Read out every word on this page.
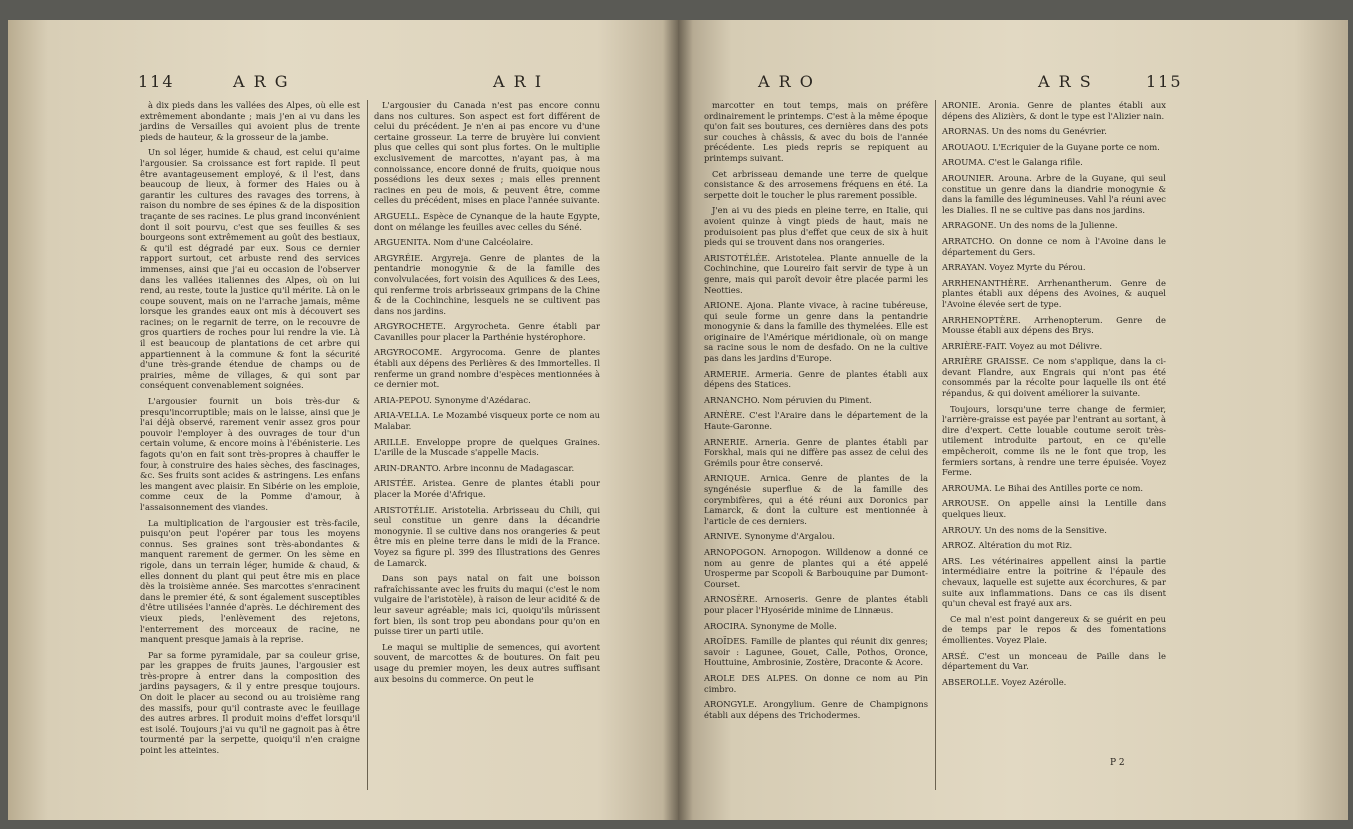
114	A R G	A R I

à dix pieds dans les vallées des Alpes, où elle est extrêmement abondante ; mais j'en ai vu dans les jardins de Versailles qui avoient plus de trente pieds de hauteur, & la grosseur de la jambe.

Un sol léger, humide & chaud, est celui qu'aime l'argousier. Sa croissance est fort rapide. Il peut être avantageusement employé, & il l'est, dans beaucoup de lieux, à former des Haies ou à garantir les cultures des ravages des torrens, à raison du nombre de ses épines & de la disposition traçante de ses racines. Le plus grand inconvénient dont il soit pourvu, c'est que ses feuilles & ses bourgeons sont extrêmement au goût des bestiaux, & qu'il est dégradé par eux. Sous ce dernier rapport surtout, cet arbuste rend des services immenses, ainsi que j'ai eu occasion de l'observer dans les vallées italiennes des Alpes, où on lui rend, au reste, toute la justice qu'il mérite. Là on le coupe souvent, mais on ne l'arrache jamais, même lorsque les grandes eaux ont mis à découvert ses racines; on le regarnit de terre, on le recouvre de gros quartiers de roches pour lui rendre la vie. Là il est beaucoup de plantations de cet arbre qui appartiennent à la commune & font la sécurité d'une très-grande étendue de champs ou de prairies, même de villages, & qui sont par conséquent convenablement soignées.

L'argousier fournit un bois très-dur & presqu'incorruptible; mais on le laisse, ainsi que je l'ai déjà observé, rarement venir assez gros pour pouvoir l'employer à des ouvrages de tour d'un certain volume, & encore moins à l'ébénisterie. Les fagots qu'on en fait sont très-propres à chauffer le four, à construire des haies sèches, des fascinages, &c. Ses fruits sont acides & astringens. Les enfans les mangent avec plaisir. En Sibérie on les emploie, comme ceux de la Pomme d'amour, à l'assaisonnement des viandes.

La multiplication de l'argousier est très-facile, puisqu'on peut l'opérer par tous les moyens connus. Ses graines sont très-abondantes & manquent rarement de germer. On les sème en rigole, dans un terrain léger, humide & chaud, & elles donnent du plant qui peut être mis en place dès la troisième année. Ses marcottes s'enracinent dans le premier été, & sont également susceptibles d'être utilisées l'année d'après. Le déchirement des vieux pieds, l'enlèvement des rejetons, l'enterrement des morceaux de racine, ne manquent presque jamais à la reprise.

Par sa forme pyramidale, par sa couleur grise, par les grappes de fruits jaunes, l'argousier est très-propre à entrer dans la composition des jardins paysagers, & il y entre presque toujours. On doit le placer au second ou au troisième rang des massifs, pour qu'il contraste avec le feuillage des autres arbres. Il produit moins d'effet lorsqu'il est isolé. Toujours j'ai vu qu'il ne gagnoit pas à être tourmenté par la serpette, quoiqu'il n'en craigne point les atteintes.

L'argousier du Canada n'est pas encore connu dans nos cultures. Son aspect est fort différent de celui du précédent. Je n'en ai pas encore vu d'une certaine grosseur. La terre de bruyère lui convient plus que celles qui sont plus fortes. On le multiplie exclusivement de marcottes, n'ayant pas, à ma connoissance, encore donné de fruits, quoique nous possédions les deux sexes ; mais elles prennent racines en peu de mois, & peuvent être, comme celles du précédent, mises en place l'année suivante.

ARGUELL. Espèce de Cynanque de la haute Egypte, dont on mélange les feuilles avec celles du Séné.

ARGUENITA. Nom d'une Calcéolaire.

ARGYRÉIE. Argyreja. Genre de plantes de la pentandrie monogynie & de la famille des convolvulacées, fort voisin des Aquilices & des Lees, qui renferme trois arbrisseaux grimpans de la Chine & de la Cochinchine, lesquels ne se cultivent pas dans nos jardins.

ARGYROCHETE. Argyrocheta. Genre établi par Cavanilles pour placer la Parthénie hystérophore.

ARGYROCOME. Argyrocoma. Genre de plantes établi aux dépens des Perlières & des Immortelles. Il renferme un grand nombre d'espèces mentionnées à ce dernier mot.

ARIA-PEPOU. Synonyme d'Azédarac.

ARIA-VELLA. Le Mozambé visqueux porte ce nom au Malabar.

ARILLE. Enveloppe propre de quelques Graines. L'arille de la Muscade s'appelle Macis.

ARIN-DRANTO. Arbre inconnu de Madagascar.

ARISTÉE. Aristea. Genre de plantes établi pour placer la Morée d'Afrique.

ARISTOTÉLIE. Aristotelia. Arbrisseau du Chili, qui seul constitue un genre dans la décandrie monogynie. Il se cultive dans nos orangeries & peut être mis en pleine terre dans le midi de la France. Voyez sa figure pl. 399 des Illustrations des Genres de Lamarck.

Dans son pays natal on fait une boisson rafraîchissante avec les fruits du maqui (c'est le nom vulgaire de l'aristotèle), à raison de leur acidité & de leur saveur agréable; mais ici, quoiqu'ils mûrissent fort bien, ils sont trop peu abondans pour qu'on en puisse tirer un parti utile.

Le maqui se multiplie de semences, qui avortent souvent, de marcottes & de boutures. On fait peu usage du premier moyen, les deux autres suffisant aux besoins du commerce. On peut le

A R O	A R S	115

marcotter en tout temps, mais on préfère ordinairement le printemps. C'est à la même époque qu'on fait ses boutures, ces dernières dans des pots sur couches à châssis, & avec du bois de l'année précédente. Les pieds repris se repiquent au printemps suivant.

Cet arbrisseau demande une terre de quelque consistance & des arrosemens fréquens en été. La serpette doit le toucher le plus rarement possible.

J'en ai vu des pieds en pleine terre, en Italie, qui avoient quinze à vingt pieds de haut, mais ne produisoient pas plus d'effet que ceux de six à huit pieds qui se trouvent dans nos orangeries.

ARISTOTÉLÉE. Aristotelea. Plante annuelle de la Cochinchine, que Loureiro fait servir de type à un genre, mais qui paroît devoir être placée parmi les Neotties.

ARIONE. Ajona. Plante vivace, à racine tubéreuse, qui seule forme un genre dans la pentandrie monogynie & dans la famille des thymelées. Elle est originaire de l'Amérique méridionale, où on mange sa racine sous le nom de desfado. On ne la cultive pas dans les jardins d'Europe.

ARMERIE. Armeria. Genre de plantes établi aux dépens des Statices.

ARNANCHO. Nom péruvien du Piment.

ARNÈRE. C'est l'Araire dans le département de la Haute-Garonne.

ARNERIE. Arneria. Genre de plantes établi par Forskhal, mais qui ne diffère pas assez de celui des Grémils pour être conservé.

ARNIQUE. Arnica. Genre de plantes de la syngénésie superflue & de la famille des corymbifères, qui a été réuni aux Doronics par Lamarck, & dont la culture est mentionnée à l'article de ces derniers.

ARNIVE. Synonyme d'Argalou.

ARNOPOGON. Arnopogon. Willdenow a donné ce nom au genre de plantes qui a été appelé Urosperme par Scopoli & Barbouquine par Dumont-Courset.

ARNOSÈRE. Arnoseris. Genre de plantes établi pour placer l'Hyoséride minime de Linnæus.

AROCIRA. Synonyme de Molle.

AROÏDES. Famille de plantes qui réunit dix genres; savoir : Lagunee, Gouet, Calle, Pothos, Oronce, Houttuine, Ambrosinie, Zostère, Draconte & Acore.

AROLE DES ALPES. On donne ce nom au Pin cimbro.

ARONGYLE. Arongylium. Genre de Champignons établi aux dépens des Trichodermes.

ARONIE. Aronia. Genre de plantes établi aux dépens des Alizièrs, & dont le type est l'Alizier nain.

ARORNAS. Un des noms du Genévrier.

AROUAOU. L'Ecriquier de la Guyane porte ce nom.

AROUMA. C'est le Galanga rifile.

AROUNIER. Arouna. Arbre de la Guyane, qui seul constitue un genre dans la diandrie monogynie & dans la famille des légumineuses. Vahl l'a réuni avec les Dialies. Il ne se cultive pas dans nos jardins.

ARRAGONE. Un des noms de la Julienne.

ARRATCHO. On donne ce nom à l'Avoine dans le département du Gers.

ARRAYAN. Voyez Myrte du Pérou.

ARRHENANTHÈRE. Arrhenantherum. Genre de plantes établi aux dépens des Avoines, & auquel l'Avoine élevée sert de type.

ARRHENOPTÈRE. Arrhenopterum. Genre de Mousse établi aux dépens des Brys.

ARRIÈRE-FAIT. Voyez au mot Délivre.

ARRIÈRE GRAISSE. Ce nom s'applique, dans la ci-devant Flandre, aux Engrais qui n'ont pas été consommés par la récolte pour laquelle ils ont été répandus, & qui doivent améliorer la suivante.

Toujours, lorsqu'une terre change de fermier, l'arrière-graisse est payée par l'entrant au sortant, à dire d'expert. Cette louable coutume seroit très-utilement introduite partout, en ce qu'elle empêcheroit, comme ils ne le font que trop, les fermiers sortans, à rendre une terre épuisée. Voyez Ferme.

ARROUMA. Le Bihai des Antilles porte ce nom.

ARROUSE. On appelle ainsi la Lentille dans quelques lieux.

ARROUY. Un des noms de la Sensitive.

ARROZ. Altération du mot Riz.

ARS. Les vétérinaires appellent ainsi la partie intermédiaire entre la poitrine & l'épaule des chevaux, laquelle est sujette aux écorchures, & par suite aux inflammations. Dans ce cas ils disent qu'un cheval est frayé aux ars.

Ce mal n'est point dangereux & se guérit en peu de temps par le repos & des fomentations émollientes. Voyez Plaie.

ARSÉ. C'est un monceau de Paille dans le département du Var.

ABSEROLLE. Voyez Azérolle.

P 2
